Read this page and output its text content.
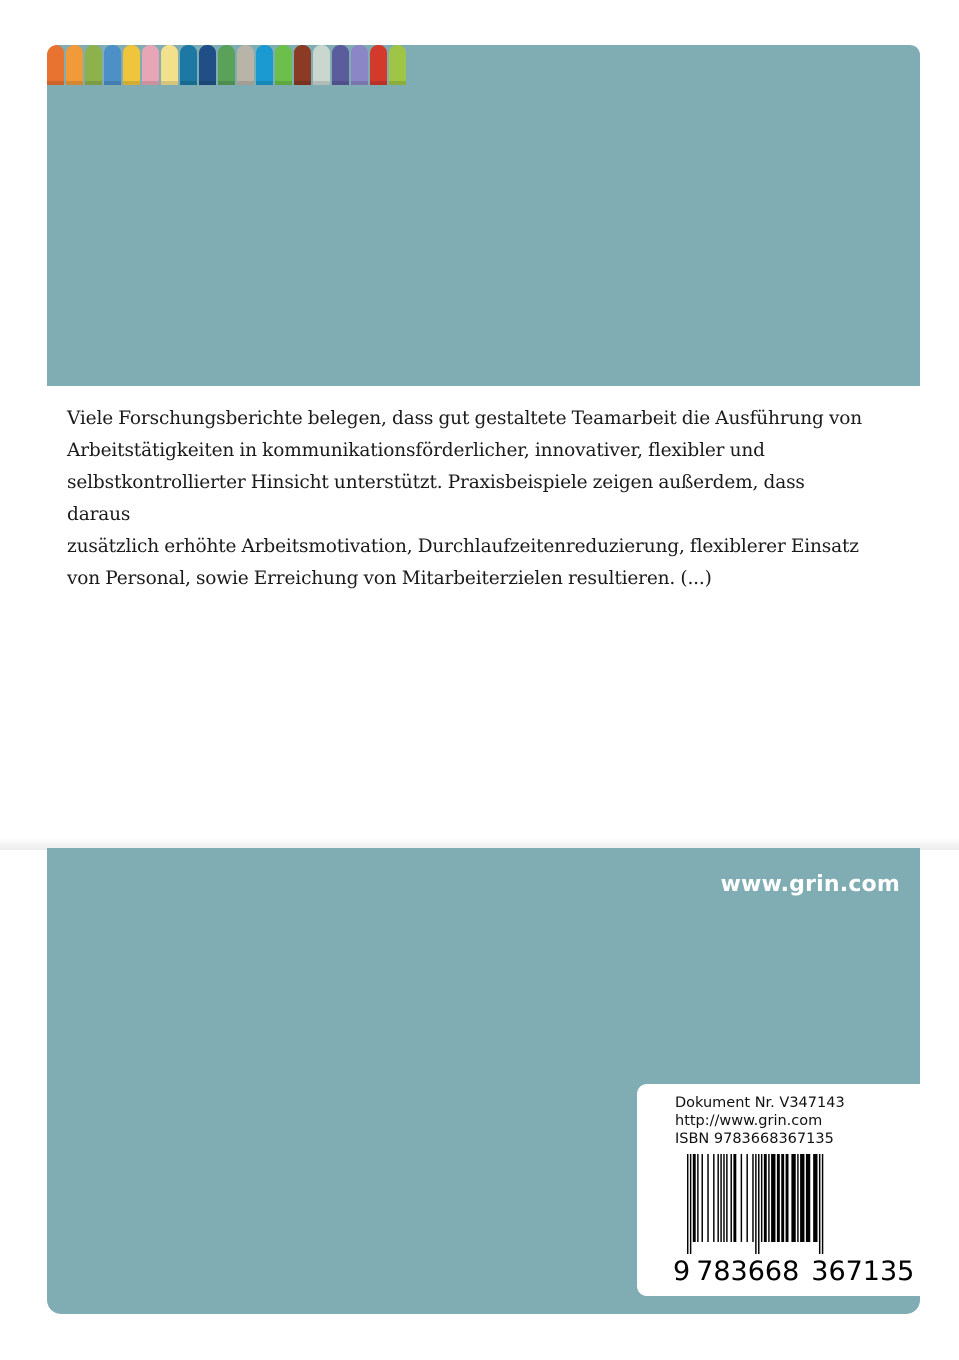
Viele Forschungsberichte belegen, dass gut gestaltete Teamarbeit die Ausführung von
Arbeitstätigkeiten in kommunikationsförderlicher, innovativer, flexibler und
selbstkontrollierter Hinsicht unterstützt. Praxisbeispiele zeigen außerdem, dass daraus
zusätzlich erhöhte Arbeitsmotivation, Durchlaufzeitenreduzierung, flexiblerer Einsatz
von Personal, sowie Erreichung von Mitarbeiterzielen resultieren. (...)
www.grin.com
Dokument Nr. V347143
http://www.grin.com
ISBN 9783668367135
9 783668 367135
